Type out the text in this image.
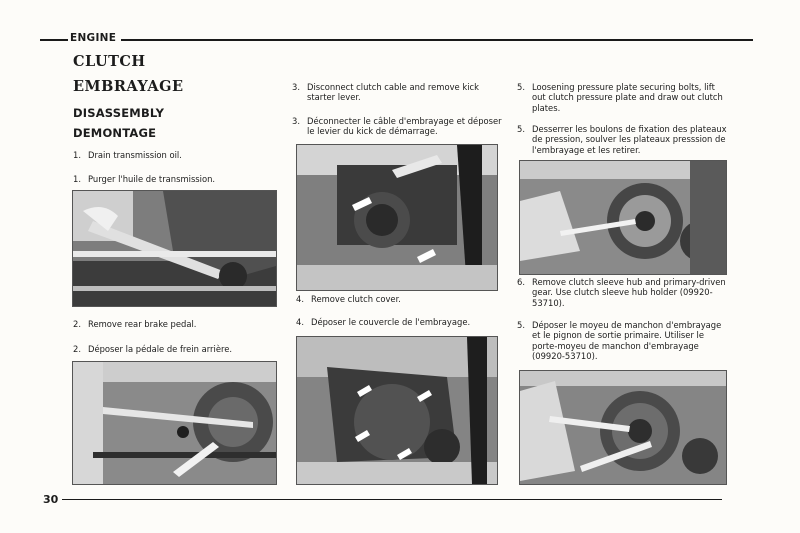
ENGINE
CLUTCH
EMBRAYAGE
DISASSEMBLY
DEMONTAGE
1. Drain transmission oil.
1. Purger l'huile de transmission.
2. Remove rear brake pedal.
2. Déposer la pédale de frein arrière.
3. Disconnect clutch cable and remove kick starter lever.
3. Déconnecter le câble d'embrayage et déposer le levier du kick de démarrage.
4. Remove clutch cover.
4. Déposer le couvercle de l'embrayage.
5. Loosening pressure plate securing bolts, lift out clutch pressure plate and draw out clutch plates.
5. Desserrer les boulons de fixation des plateaux de pression, soulver les plateaux presssion de l'embrayage et les retirer.
6. Remove clutch sleeve hub and primary-driven gear. Use clutch sleeve hub holder (09920-53710).
5. Déposer le moyeu de manchon d'embrayage et le pignon de sortie primaire. Utiliser le porte-moyeu de manchon d'embrayage (09920-53710).
30
